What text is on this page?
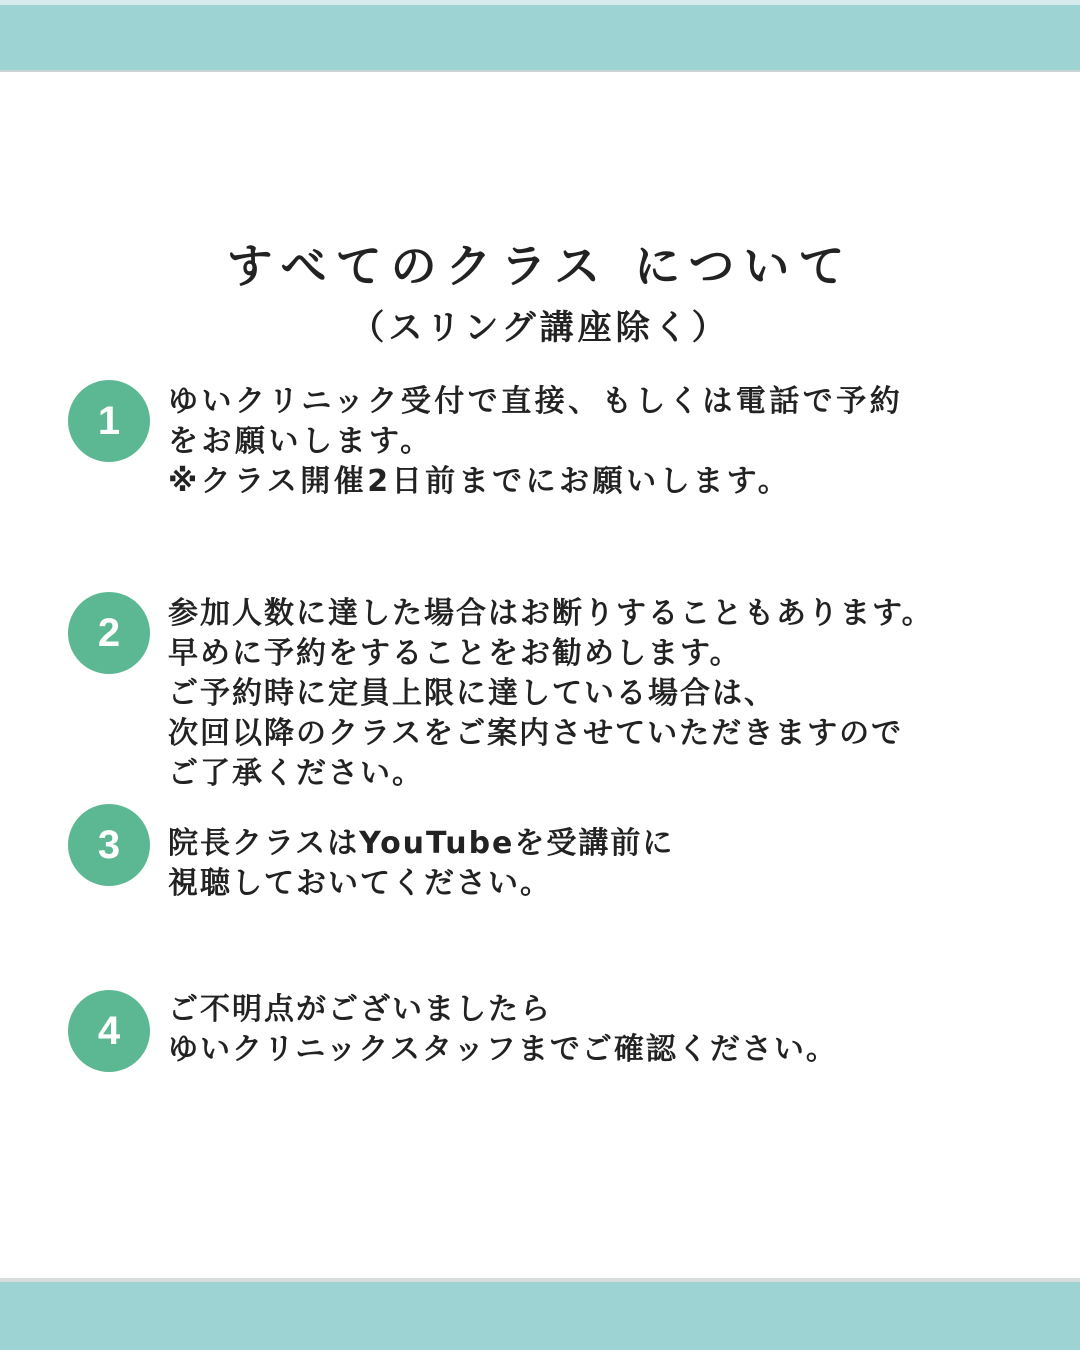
すべてのクラス について
（スリング講座除く）
1	ゆいクリニック受付で直接、もしくは電話で予約
をお願いします。
※クラス開催2日前までにお願いします。
2	参加人数に達した場合はお断りすることもあります。
早めに予約をすることをお勧めします。
ご予約時に定員上限に達している場合は、
次回以降のクラスをご案内させていただきますので
ご了承ください。
3	院長クラスはYouTubeを受講前に
視聴しておいてください。
4	ご不明点がございましたら
ゆいクリニックスタッフまでご確認ください。
